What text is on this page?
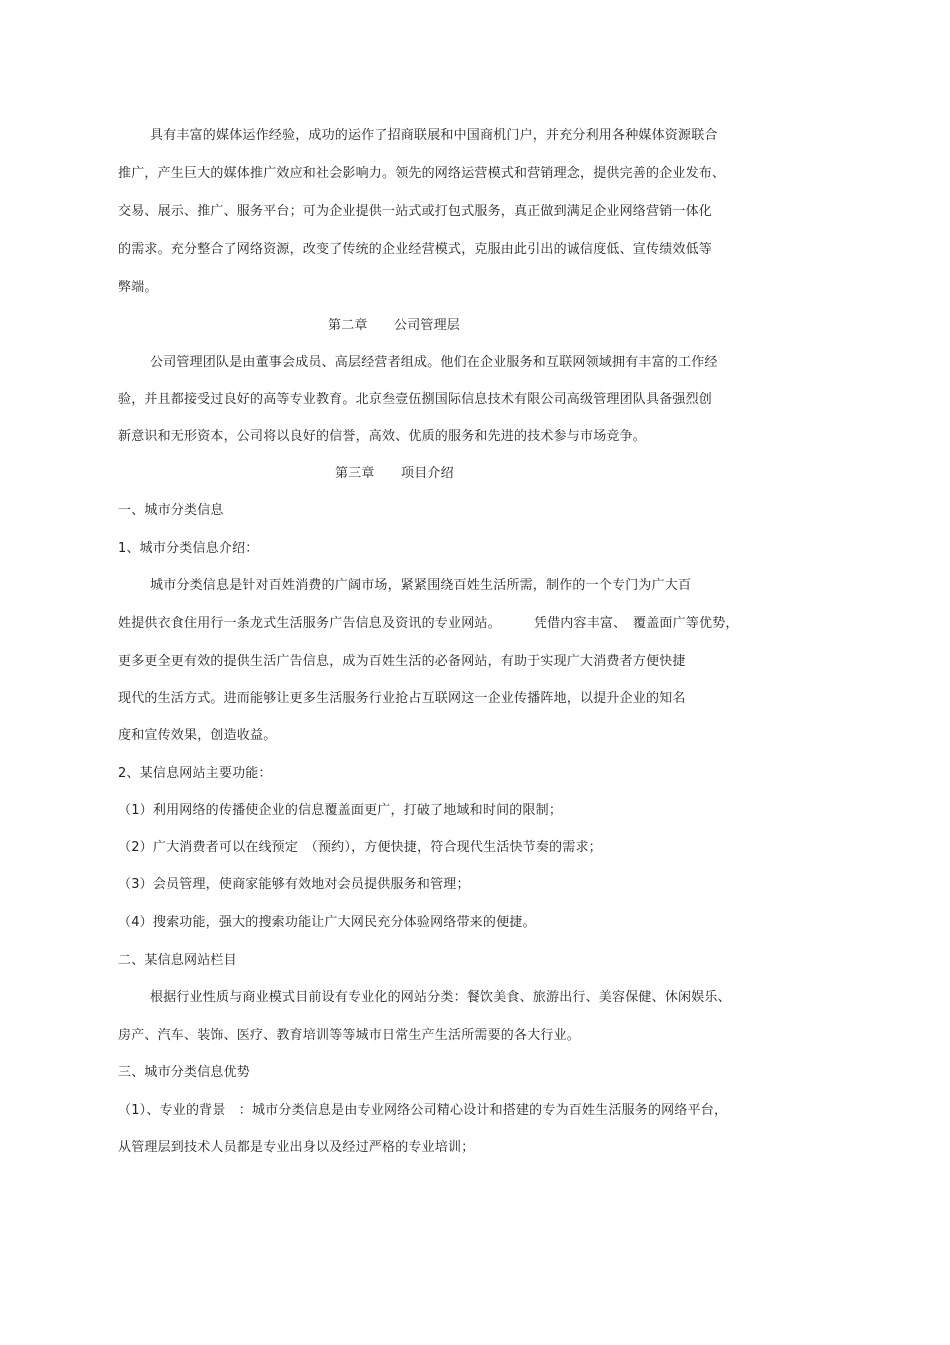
具有丰富的媒体运作经验，成功的运作了招商联展和中国商机门户，并充分利用各种媒体资源联合
推广，产生巨大的媒体推广效应和社会影响力。领先的网络运营模式和营销理念，提供完善的企业发布、
交易、展示、推广、服务平台；可为企业提供一站式或打包式服务，真正做到满足企业网络营销一体化
的需求。充分整合了网络资源，改变了传统的企业经营模式，克服由此引出的诚信度低、宣传绩效低等
弊端。
第二章　　公司管理层
公司管理团队是由董事会成员、高层经营者组成。他们在企业服务和互联网领域拥有丰富的工作经
验，并且都接受过良好的高等专业教育。北京叁壹伍捌国际信息技术有限公司高级管理团队具备强烈创
新意识和无形资本，公司将以良好的信誉，高效、优质的服务和先进的技术参与市场竞争。
第三章　　项目介绍
一、城市分类信息
1、城市分类信息介绍：
城市分类信息是针对百姓消费的广阔市场，紧紧围绕百姓生活所需，制作的一个专门为广大百
姓提供衣食住用行一条龙式生活服务广告信息及资讯的专业网站。　　　凭借内容丰富、　覆盖面广等优势，
更多更全更有效的提供生活广告信息，成为百姓生活的必备网站，有助于实现广大消费者方便快捷
现代的生活方式。进而能够让更多生活服务行业抢占互联网这一企业传播阵地，以提升企业的知名
度和宣传效果，创造收益。
2、某信息网站主要功能：
（1）利用网络的传播使企业的信息覆盖面更广，打破了地域和时间的限制；
（2）广大消费者可以在线预定　（预约），方便快捷，符合现代生活快节奏的需求；
（3）会员管理，使商家能够有效地对会员提供服务和管理；
（4）搜索功能，强大的搜索功能让广大网民充分体验网络带来的便捷。
二、某信息网站栏目
根据行业性质与商业模式目前设有专业化的网站分类：餐饮美食、旅游出行、美容保健、休闲娱乐、
房产、汽车、装饰、医疗、教育培训等等城市日常生产生活所需要的各大行业。
三、城市分类信息优势
（1）、专业的背景　：城市分类信息是由专业网络公司精心设计和搭建的专为百姓生活服务的网络平台，
从管理层到技术人员都是专业出身以及经过严格的专业培训；
